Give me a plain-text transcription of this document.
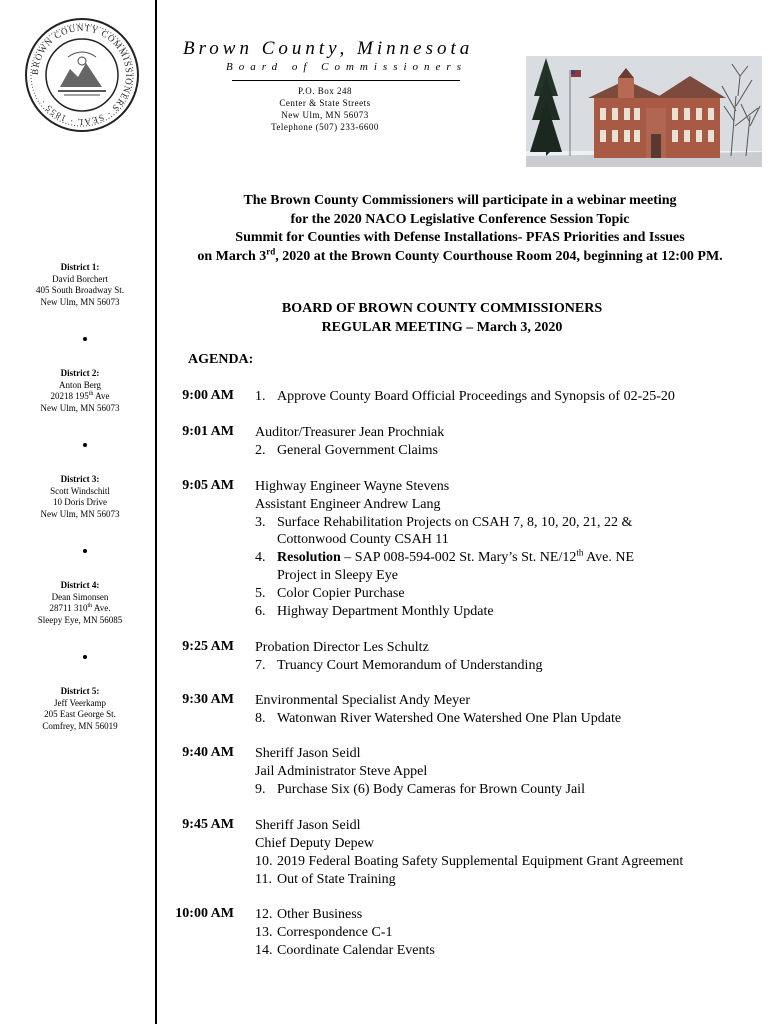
BROWN COUNTY COMMISSIONERS · SEAL · 1855 ·
Brown County, Minnesota
Board of Commissioners
P.O. Box 248
Center & State Streets
New Ulm, MN 56073
Telephone (507) 233-6600
The Brown County Commissioners will participate in a webinar meeting
for the 2020 NACO Legislative Conference Session Topic
Summit for Counties with Defense Installations- PFAS Priorities and Issues
on March 3rd, 2020 at the Brown County Courthouse Room 204, beginning at 12:00 PM.
BOARD OF BROWN COUNTY COMMISSIONERS
REGULAR MEETING – March 3, 2020
AGENDA:
District 1:
David Borchert
405 South Broadway St.
New Ulm, MN 56073
District 2:
Anton Berg
20218 195th Ave
New Ulm, MN 56073
District 3:
Scott Windschitl
10 Doris Drive
New Ulm, MN 56073
District 4:
Dean Simonsen
28711 310th Ave.
Sleepy Eye, MN 56085
District 5:
Jeff Veerkamp
205 East George St.
Comfrey, MN 56019
9:00 AM 1. Approve County Board Official Proceedings and Synopsis of 02-25-20
9:01 AM Auditor/Treasurer Jean Prochniak
2. General Government Claims
9:05 AM Highway Engineer Wayne Stevens
Assistant Engineer Andrew Lang
3. Surface Rehabilitation Projects on CSAH 7, 8, 10, 20, 21, 22 &
Cottonwood County CSAH 11
4. Resolution – SAP 008-594-002 St. Mary’s St. NE/12th Ave. NE
Project in Sleepy Eye
5. Color Copier Purchase
6. Highway Department Monthly Update
9:25 AM Probation Director Les Schultz
7. Truancy Court Memorandum of Understanding
9:30 AM Environmental Specialist Andy Meyer
8. Watonwan River Watershed One Watershed One Plan Update
9:40 AM Sheriff Jason Seidl
Jail Administrator Steve Appel
9. Purchase Six (6) Body Cameras for Brown County Jail
9:45 AM Sheriff Jason Seidl
Chief Deputy Depew
10. 2019 Federal Boating Safety Supplemental Equipment Grant Agreement
11. Out of State Training
10:00 AM 12. Other Business
13. Correspondence C-1
14. Coordinate Calendar Events
